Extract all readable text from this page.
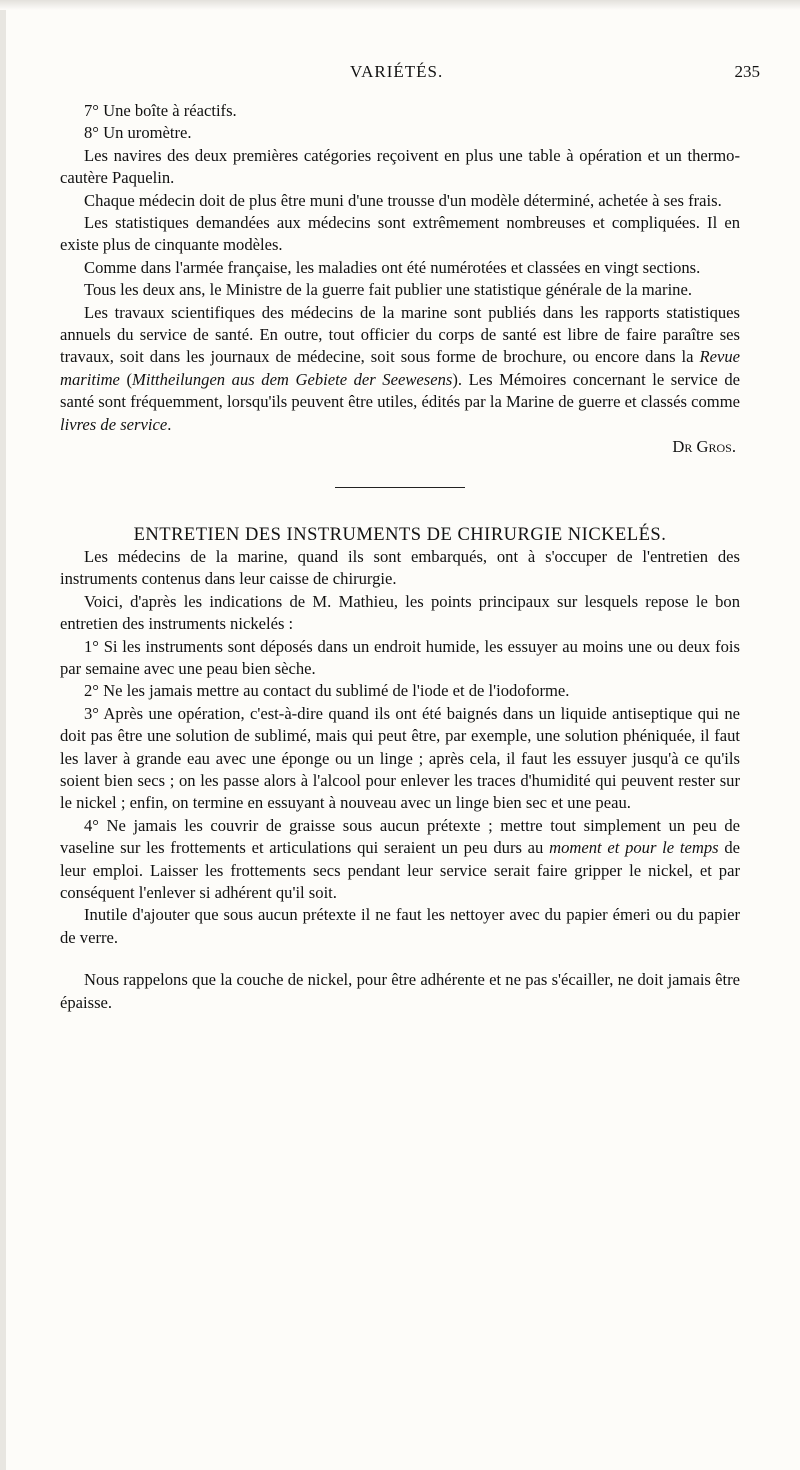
VARIÉTÉS.	235

7° Une boîte à réactifs.

8° Un uromètre.

Les navires des deux premières catégories reçoivent en plus une table à opération et un thermo-cautère Paquelin.

Chaque médecin doit de plus être muni d'une trousse d'un modèle déterminé, achetée à ses frais.

Les statistiques demandées aux médecins sont extrêmement nombreuses et compliquées. Il en existe plus de cinquante modèles.

Comme dans l'armée française, les maladies ont été numérotées et classées en vingt sections.

Tous les deux ans, le Ministre de la guerre fait publier une statistique générale de la marine.

Les travaux scientifiques des médecins de la marine sont publiés dans les rapports statistiques annuels du service de santé. En outre, tout officier du corps de santé est libre de faire paraître ses travaux, soit dans les journaux de médecine, soit sous forme de brochure, ou encore dans la Revue maritime (Mittheilungen aus dem Gebiete der Seewesens). Les Mémoires concernant le service de santé sont fréquemment, lorsqu'ils peuvent être utiles, édités par la Marine de guerre et classés comme livres de service.

Dr Gros.

ENTRETIEN DES INSTRUMENTS DE CHIRURGIE NICKELÉS.

Les médecins de la marine, quand ils sont embarqués, ont à s'occuper de l'entretien des instruments contenus dans leur caisse de chirurgie.

Voici, d'après les indications de M. Mathieu, les points principaux sur lesquels repose le bon entretien des instruments nickelés :

1° Si les instruments sont déposés dans un endroit humide, les essuyer au moins une ou deux fois par semaine avec une peau bien sèche.

2° Ne les jamais mettre au contact du sublimé de l'iode et de l'iodoforme.

3° Après une opération, c'est-à-dire quand ils ont été baignés dans un liquide antiseptique qui ne doit pas être une solution de sublimé, mais qui peut être, par exemple, une solution phéniquée, il faut les laver à grande eau avec une éponge ou un linge ; après cela, il faut les essuyer jusqu'à ce qu'ils soient bien secs ; on les passe alors à l'alcool pour enlever les traces d'humidité qui peuvent rester sur le nickel ; enfin, on termine en essuyant à nouveau avec un linge bien sec et une peau.

4° Ne jamais les couvrir de graisse sous aucun prétexte ; mettre tout simplement un peu de vaseline sur les frottements et articulations qui seraient un peu durs au moment et pour le temps de leur emploi. Laisser les frottements secs pendant leur service serait faire gripper le nickel, et par conséquent l'enlever si adhérent qu'il soit.

Inutile d'ajouter que sous aucun prétexte il ne faut les nettoyer avec du papier émeri ou du papier de verre.

Nous rappelons que la couche de nickel, pour être adhérente et ne pas s'écailler, ne doit jamais être épaisse.
